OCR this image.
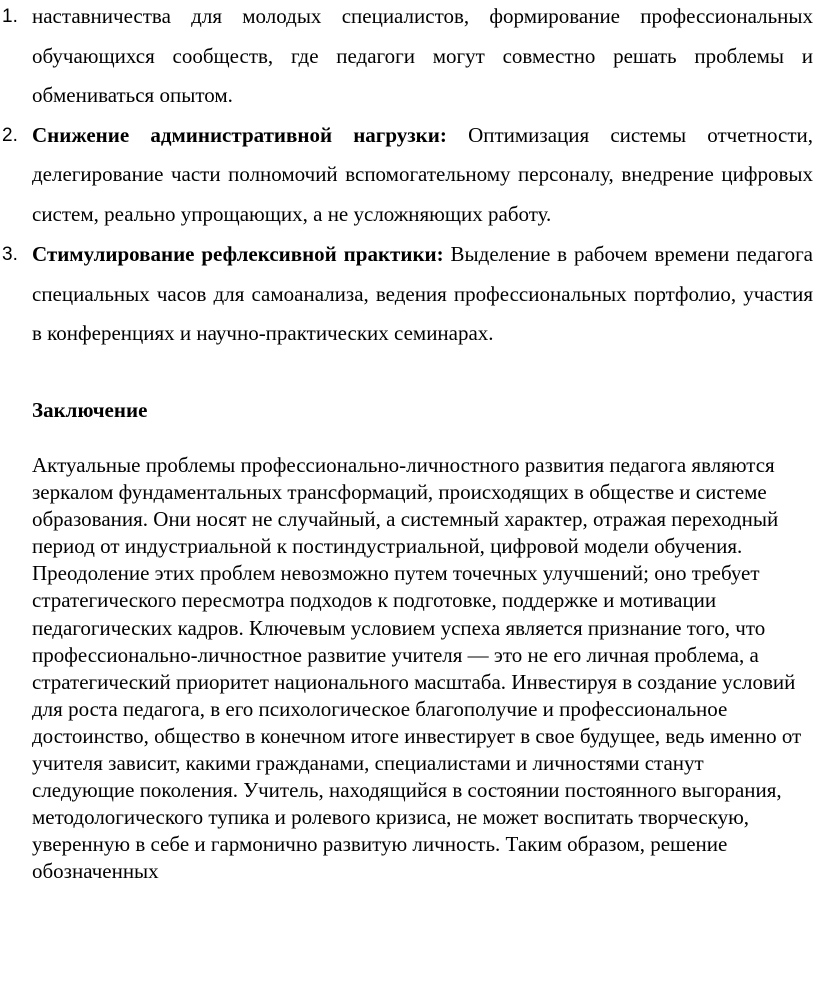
1. наставничества для молодых специалистов, формирование профессиональных обучающихся сообществ, где педагоги могут совместно решать проблемы и обмениваться опытом.
2. Снижение административной нагрузки: Оптимизация системы отчетности, делегирование части полномочий вспомогательному персоналу, внедрение цифровых систем, реально упрощающих, а не усложняющих работу.
3. Стимулирование рефлексивной практики: Выделение в рабочем времени педагога специальных часов для самоанализа, ведения профессиональных портфолио, участия в конференциях и научно-практических семинарах.
Заключение

Актуальные проблемы профессионально-личностного развития педагога являются зеркалом фундаментальных трансформаций, происходящих в обществе и системе образования. Они носят не случайный, а системный характер, отражая переходный период от индустриальной к постиндустриальной, цифровой модели обучения. Преодоление этих проблем невозможно путем точечных улучшений; оно требует стратегического пересмотра подходов к подготовке, поддержке и мотивации педагогических кадров. Ключевым условием успеха является признание того, что профессионально-личностное развитие учителя — это не его личная проблема, а стратегический приоритет национального масштаба. Инвестируя в создание условий для роста педагога, в его психологическое благополучие и профессиональное достоинство, общество в конечном итоге инвестирует в свое будущее, ведь именно от учителя зависит, какими гражданами, специалистами и личностями станут следующие поколения. Учитель, находящийся в состоянии постоянного выгорания, методологического тупика и ролевого кризиса, не может воспитать творческую, уверенную в себе и гармонично развитую личность. Таким образом, решение обозначенных
